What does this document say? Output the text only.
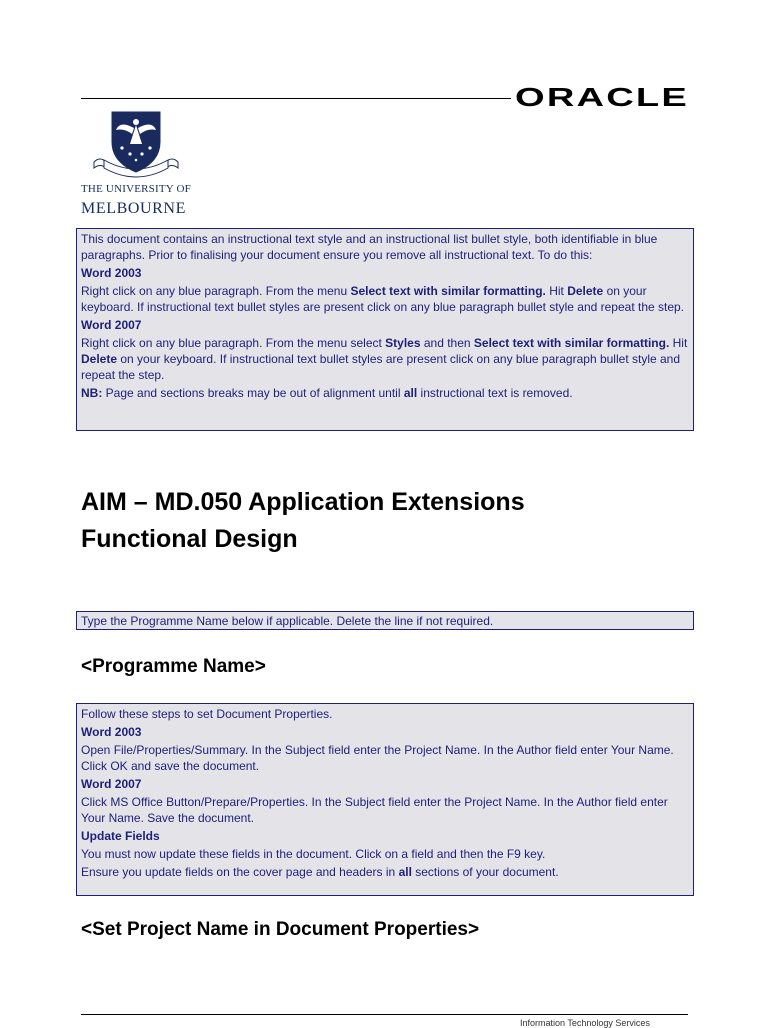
ORACLE
THE UNIVERSITY OF
MELBOURNE

This document contains an instructional text style and an instructional list bullet style, both identifiable in blue paragraphs. Prior to finalising your document ensure you remove all instructional text. To do this:

Word 2003

Right click on any blue paragraph. From the menu Select text with similar formatting. Hit Delete on your keyboard. If instructional text bullet styles are present click on any blue paragraph bullet style and repeat the step.

Word 2007

Right click on any blue paragraph. From the menu select Styles and then Select text with similar formatting. Hit Delete on your keyboard. If instructional text bullet styles are present click on any blue paragraph bullet style and repeat the step.

NB: Page and sections breaks may be out of alignment until all instructional text is removed.

AIM – MD.050 Application Extensions
Functional Design

Type the Programme Name below if applicable. Delete the line if not required.

<Programme Name>

Follow these steps to set Document Properties.

Word 2003

Open File/Properties/Summary. In the Subject field enter the Project Name. In the Author field enter Your Name. Click OK and save the document.

Word 2007

Click MS Office Button/Prepare/Properties. In the Subject field enter the Project Name. In the Author field enter Your Name. Save the document.

Update Fields

You must now update these fields in the document. Click on a field and then the F9 key.

Ensure you update fields on the cover page and headers in all sections of your document.

<Set Project Name in Document Properties>
Information Technology Services
